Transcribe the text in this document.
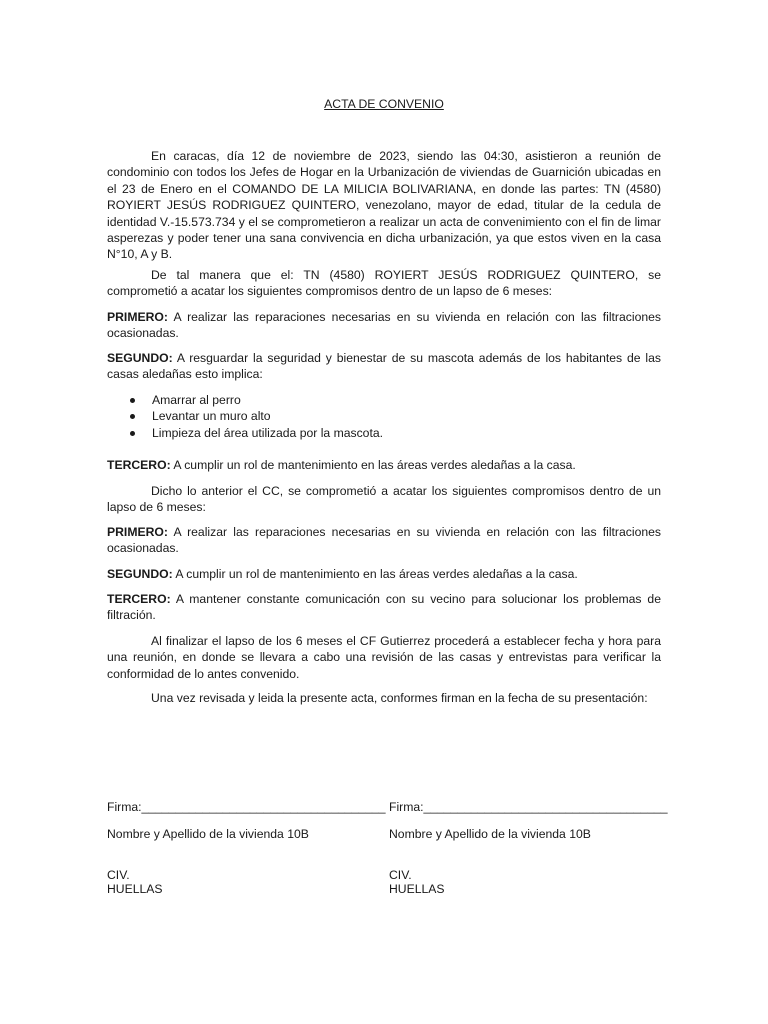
ACTA DE CONVENIO

En caracas, día 12 de noviembre de 2023, siendo las 04:30, asistieron a reunión de condominio con todos los Jefes de Hogar en la Urbanización de viviendas de Guarnición ubicadas en el 23 de Enero en el COMANDO DE LA MILICIA BOLIVARIANA, en donde las partes: TN (4580) ROYIERT JESÚS RODRIGUEZ QUINTERO, venezolano, mayor de edad, titular de la cedula de identidad V.-15.573.734 y el se comprometieron a realizar un acta de convenimiento con el fin de limar asperezas y poder tener una sana convivencia en dicha urbanización, ya que estos viven en la casa N°10, A y B.

De tal manera que el: TN (4580) ROYIERT JESÚS RODRIGUEZ QUINTERO, se comprometió a acatar los siguientes compromisos dentro de un lapso de 6 meses:

PRIMERO: A realizar las reparaciones necesarias en su vivienda en relación con las filtraciones ocasionadas.

SEGUNDO: A resguardar la seguridad y bienestar de su mascota además de los habitantes de las casas aledañas esto implica:

Amarrar al perro
Levantar un muro alto
Limpieza del área utilizada por la mascota.

TERCERO: A cumplir un rol de mantenimiento en las áreas verdes aledañas a la casa.

Dicho lo anterior el CC, se comprometió a acatar los siguientes compromisos dentro de un lapso de 6 meses:

PRIMERO: A realizar las reparaciones necesarias en su vivienda en relación con las filtraciones ocasionadas.

SEGUNDO: A cumplir un rol de mantenimiento en las áreas verdes aledañas a la casa.

TERCERO: A mantener constante comunicación con su vecino para solucionar los problemas de filtración.

Al finalizar el lapso de los 6 meses el CF Gutierrez procederá a establecer fecha y hora para una reunión, en donde se llevara a cabo una revisión de las casas y entrevistas para verificar la conformidad de lo antes convenido.

Una vez revisada y leida la presente acta, conformes firman en la fecha de su presentación:

Firma:____________________________________ Firma:____________________________________
Nombre y Apellido de la vivienda 10B	Nombre y Apellido de la vivienda 10B
CIV.	CIV.
HUELLAS	HUELLAS
